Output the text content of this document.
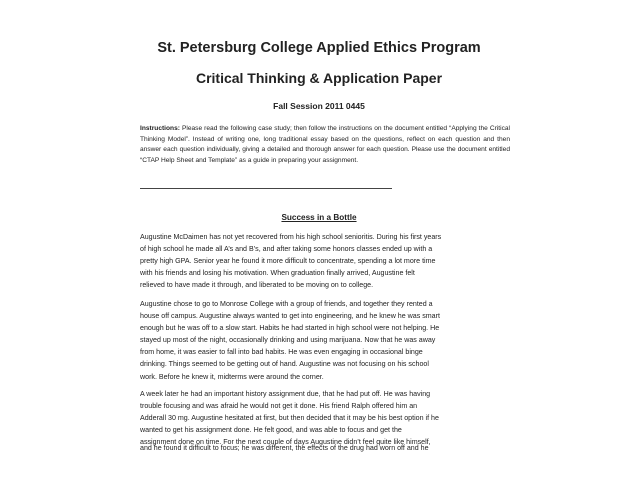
St. Petersburg College Applied Ethics Program
Critical Thinking & Application Paper
Fall Session 2011 0445
Instructions: Please read the following case study; then follow the instructions on the document entitled “Applying the Critical Thinking Model”. Instead of writing one, long traditional essay based on the questions, reflect on each question and then answer each question individually, giving a detailed and thorough answer for each question. Please use the document entitled “CTAP Help Sheet and Template” as a guide in preparing your assignment.
Success in a Bottle
Augustine McDaimen has not yet recovered from his high school senioritis. During his first years
of high school he made all A’s and B’s, and after taking some honors classes ended up with a
pretty high GPA. Senior year he found it more difficult to concentrate, spending a lot more time
with his friends and losing his motivation. When graduation finally arrived, Augustine felt
relieved to have made it through, and liberated to be moving on to college.
Augustine chose to go to Monrose College with a group of friends, and together they rented a
house off campus. Augustine always wanted to get into engineering, and he knew he was smart
enough but he was off to a slow start. Habits he had started in high school were not helping. He
stayed up most of the night, occasionally drinking and using marijuana. Now that he was away
from home, it was easier to fall into bad habits. He was even engaging in occasional binge
drinking. Things seemed to be getting out of hand. Augustine was not focusing on his school
work. Before he knew it, midterms were around the corner.
A week later he had an important history assignment due, that he had put off. He was having
trouble focusing and was afraid he would not get it done. His friend Ralph offered him an
Adderall 30 mg. Augustine hesitated at first, but then decided that it may be his best option if he
wanted to get his assignment done. He felt good, and was able to focus and get the
assignment done on time. For the next couple of days Augustine didn’t feel quite like himself,
and he found it difficult to focus; he was different, the effects of the drug had worn off and he
